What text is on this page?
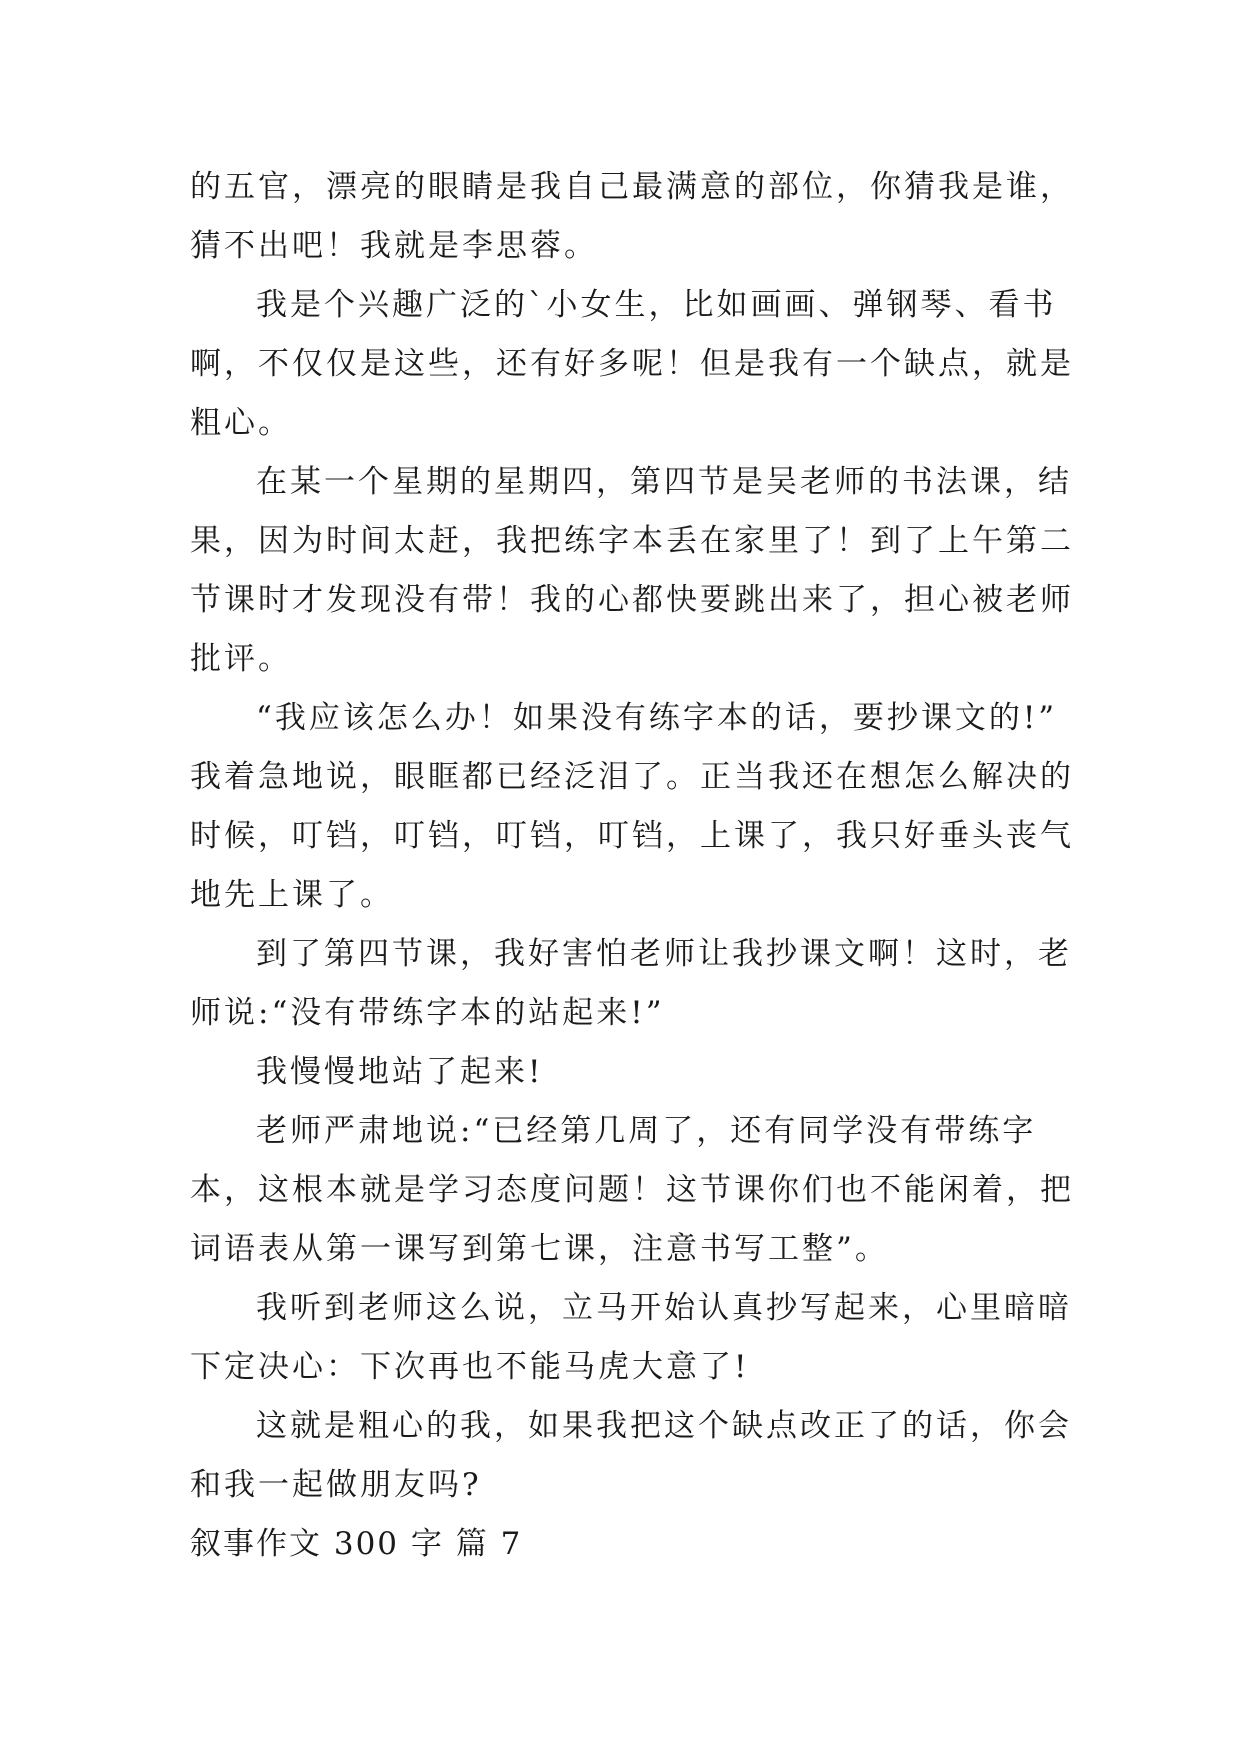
的五官，漂亮的眼睛是我自己最满意的部位，你猜我是谁，
猜不出吧！我就是李思蓉。
我是个兴趣广泛的`小女生，比如画画、弹钢琴、看书
啊，不仅仅是这些，还有好多呢！但是我有一个缺点，就是
粗心。
在某一个星期的星期四，第四节是吴老师的书法课，结
果，因为时间太赶，我把练字本丢在家里了！到了上午第二
节课时才发现没有带！我的心都快要跳出来了，担心被老师
批评。
“我应该怎么办！如果没有练字本的话，要抄课文的!”
我着急地说，眼眶都已经泛泪了。正当我还在想怎么解决的
时候，叮铛，叮铛，叮铛，叮铛，上课了，我只好垂头丧气
地先上课了。
到了第四节课，我好害怕老师让我抄课文啊！这时，老
师说:“没有带练字本的站起来!”
我慢慢地站了起来!
老师严肃地说:“已经第几周了，还有同学没有带练字
本，这根本就是学习态度问题！这节课你们也不能闲着，把
词语表从第一课写到第七课，注意书写工整”。
我听到老师这么说，立马开始认真抄写起来，心里暗暗
下定决心：下次再也不能马虎大意了!
这就是粗心的我，如果我把这个缺点改正了的话，你会
和我一起做朋友吗?
叙事作文 300 字 篇 7
